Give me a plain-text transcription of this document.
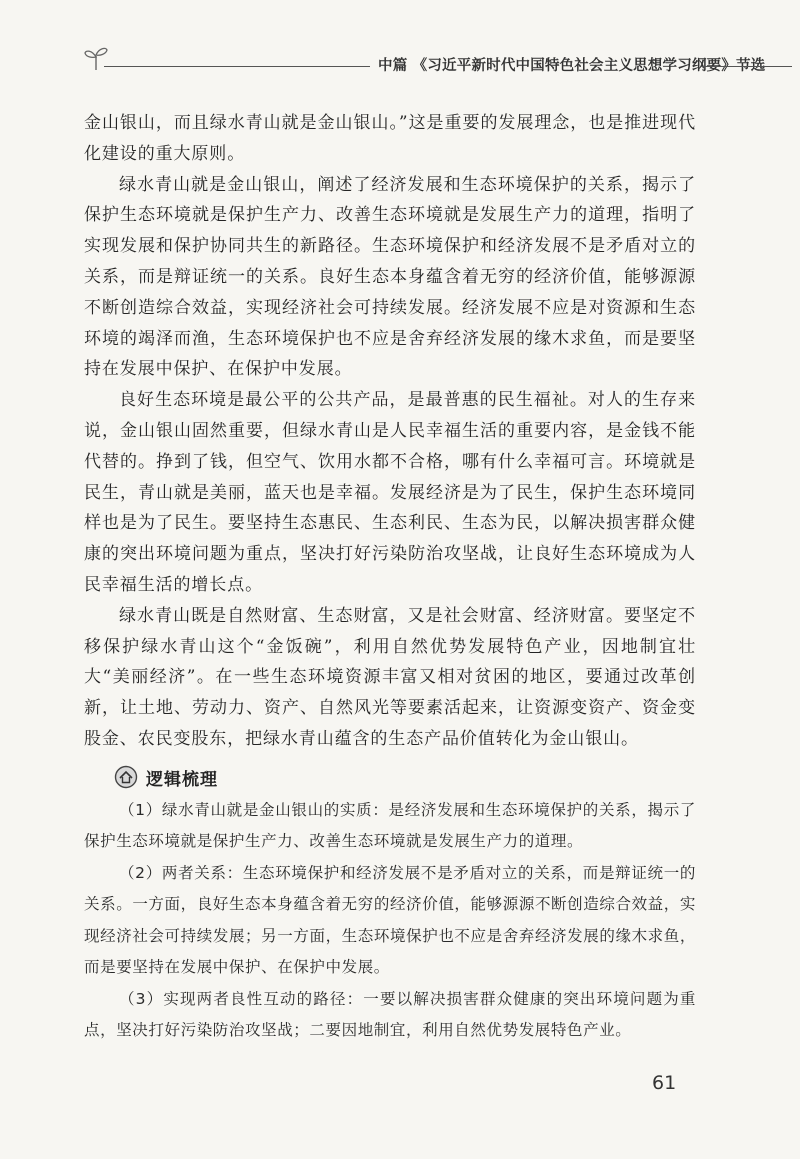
中篇 《习近平新时代中国特色社会主义思想学习纲要》节选

金山银山，而且绿水青山就是金山银山。”这是重要的发展理念，也是推进现代化建设的重大原则。

绿水青山就是金山银山，阐述了经济发展和生态环境保护的关系，揭示了保护生态环境就是保护生产力、改善生态环境就是发展生产力的道理，指明了实现发展和保护协同共生的新路径。生态环境保护和经济发展不是矛盾对立的关系，而是辩证统一的关系。良好生态本身蕴含着无穷的经济价值，能够源源不断创造综合效益，实现经济社会可持续发展。经济发展不应是对资源和生态环境的竭泽而渔，生态环境保护也不应是舍弃经济发展的缘木求鱼，而是要坚持在发展中保护、在保护中发展。

良好生态环境是最公平的公共产品，是最普惠的民生福祉。对人的生存来说，金山银山固然重要，但绿水青山是人民幸福生活的重要内容，是金钱不能代替的。挣到了钱，但空气、饮用水都不合格，哪有什么幸福可言。环境就是民生，青山就是美丽，蓝天也是幸福。发展经济是为了民生，保护生态环境同样也是为了民生。要坚持生态惠民、生态利民、生态为民，以解决损害群众健康的突出环境问题为重点，坚决打好污染防治攻坚战，让良好生态环境成为人民幸福生活的增长点。

绿水青山既是自然财富、生态财富，又是社会财富、经济财富。要坚定不移保护绿水青山这个“金饭碗”，利用自然优势发展特色产业，因地制宜壮大“美丽经济”。在一些生态环境资源丰富又相对贫困的地区，要通过改革创新，让土地、劳动力、资产、自然风光等要素活起来，让资源变资产、资金变股金、农民变股东，把绿水青山蕴含的生态产品价值转化为金山银山。

逻辑梳理

（1）绿水青山就是金山银山的实质：是经济发展和生态环境保护的关系，揭示了保护生态环境就是保护生产力、改善生态环境就是发展生产力的道理。

（2）两者关系：生态环境保护和经济发展不是矛盾对立的关系，而是辩证统一的关系。一方面，良好生态本身蕴含着无穷的经济价值，能够源源不断创造综合效益，实现经济社会可持续发展；另一方面，生态环境保护也不应是舍弃经济发展的缘木求鱼，而是要坚持在发展中保护、在保护中发展。

（3）实现两者良性互动的路径：一要以解决损害群众健康的突出环境问题为重点，坚决打好污染防治攻坚战；二要因地制宜，利用自然优势发展特色产业。

61
